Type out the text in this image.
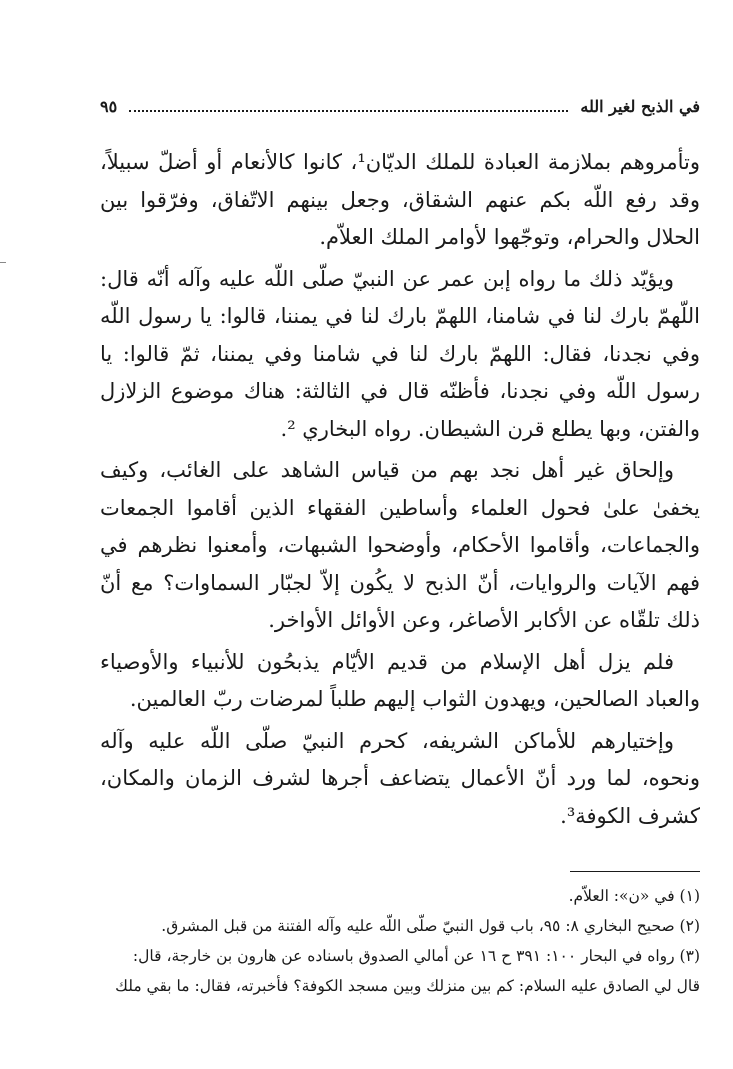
في الذبح لغير الله
٩٥

وتأمروهم بملازمة العبادة للملك الديّان¹، كانوا كالأنعام أو أضلّ سبيلاً، وقد رفع اللّه بكم عنهم الشقاق، وجعل بينهم الاتّفاق، وفرّقوا بين الحلال والحرام، وتوجّهوا لأوامر الملك العلاّم.

ويؤيّد ذلك ما رواه إبن عمر عن النبيّ صلّى اللّه عليه وآله أنّه قال: اللّهمّ بارك لنا في شامنا، اللهمّ بارك لنا في يمننا، قالوا: يا رسول اللّه وفي نجدنا، فقال: اللهمّ بارك لنا في شامنا وفي يمننا، ثمّ قالوا: يا رسول اللّه وفي نجدنا، فأظنّه قال في الثالثة: هناك موضوع الزلازل والفتن، وبها يطلع قرن الشيطان. رواه البخاري ².

وإلحاق غير أهل نجد بهم من قياس الشاهد على الغائب، وكيف يخفىٰ علىٰ فحول العلماء وأساطين الفقهاء الذين أقاموا الجمعات والجماعات، وأقاموا الأحكام، وأوضحوا الشبهات، وأمعنوا نظرهم في فهم الآيات والروايات، أنّ الذبح لا يكُون إلاّ لجبّار السماوات؟ مع أنّ ذلك تلقّاه عن الأكابر الأصاغر، وعن الأوائل الأواخر.

فلم يزل أهل الإسلام من قديم الأيّام يذبحُون للأنبياء والأوصياء والعباد الصالحين، ويهدون الثواب إليهم طلباً لمرضات ربّ العالمين.

وإختيارهم للأماكن الشريفه، كحرم النبيّ صلّى اللّه عليه وآله ونحوه، لما ورد أنّ الأعمال يتضاعف أجرها لشرف الزمان والمكان، كشرف الكوفة³.

(١) في «ن»: العلاّم.

(٢) صحيح البخاري ٨: ٩٥، باب قول النبيّ صلّى اللّه عليه وآله الفتنة من قبل المشرق.

(٣) رواه في البحار ١٠٠: ٣٩١ ح ١٦ عن أمالي الصدوق باسناده عن هارون بن خارجة، قال:

قال لي الصادق عليه السلام: كم بين منزلك وبين مسجد الكوفة؟ فأخبرته، فقال: ما بقي ملك
